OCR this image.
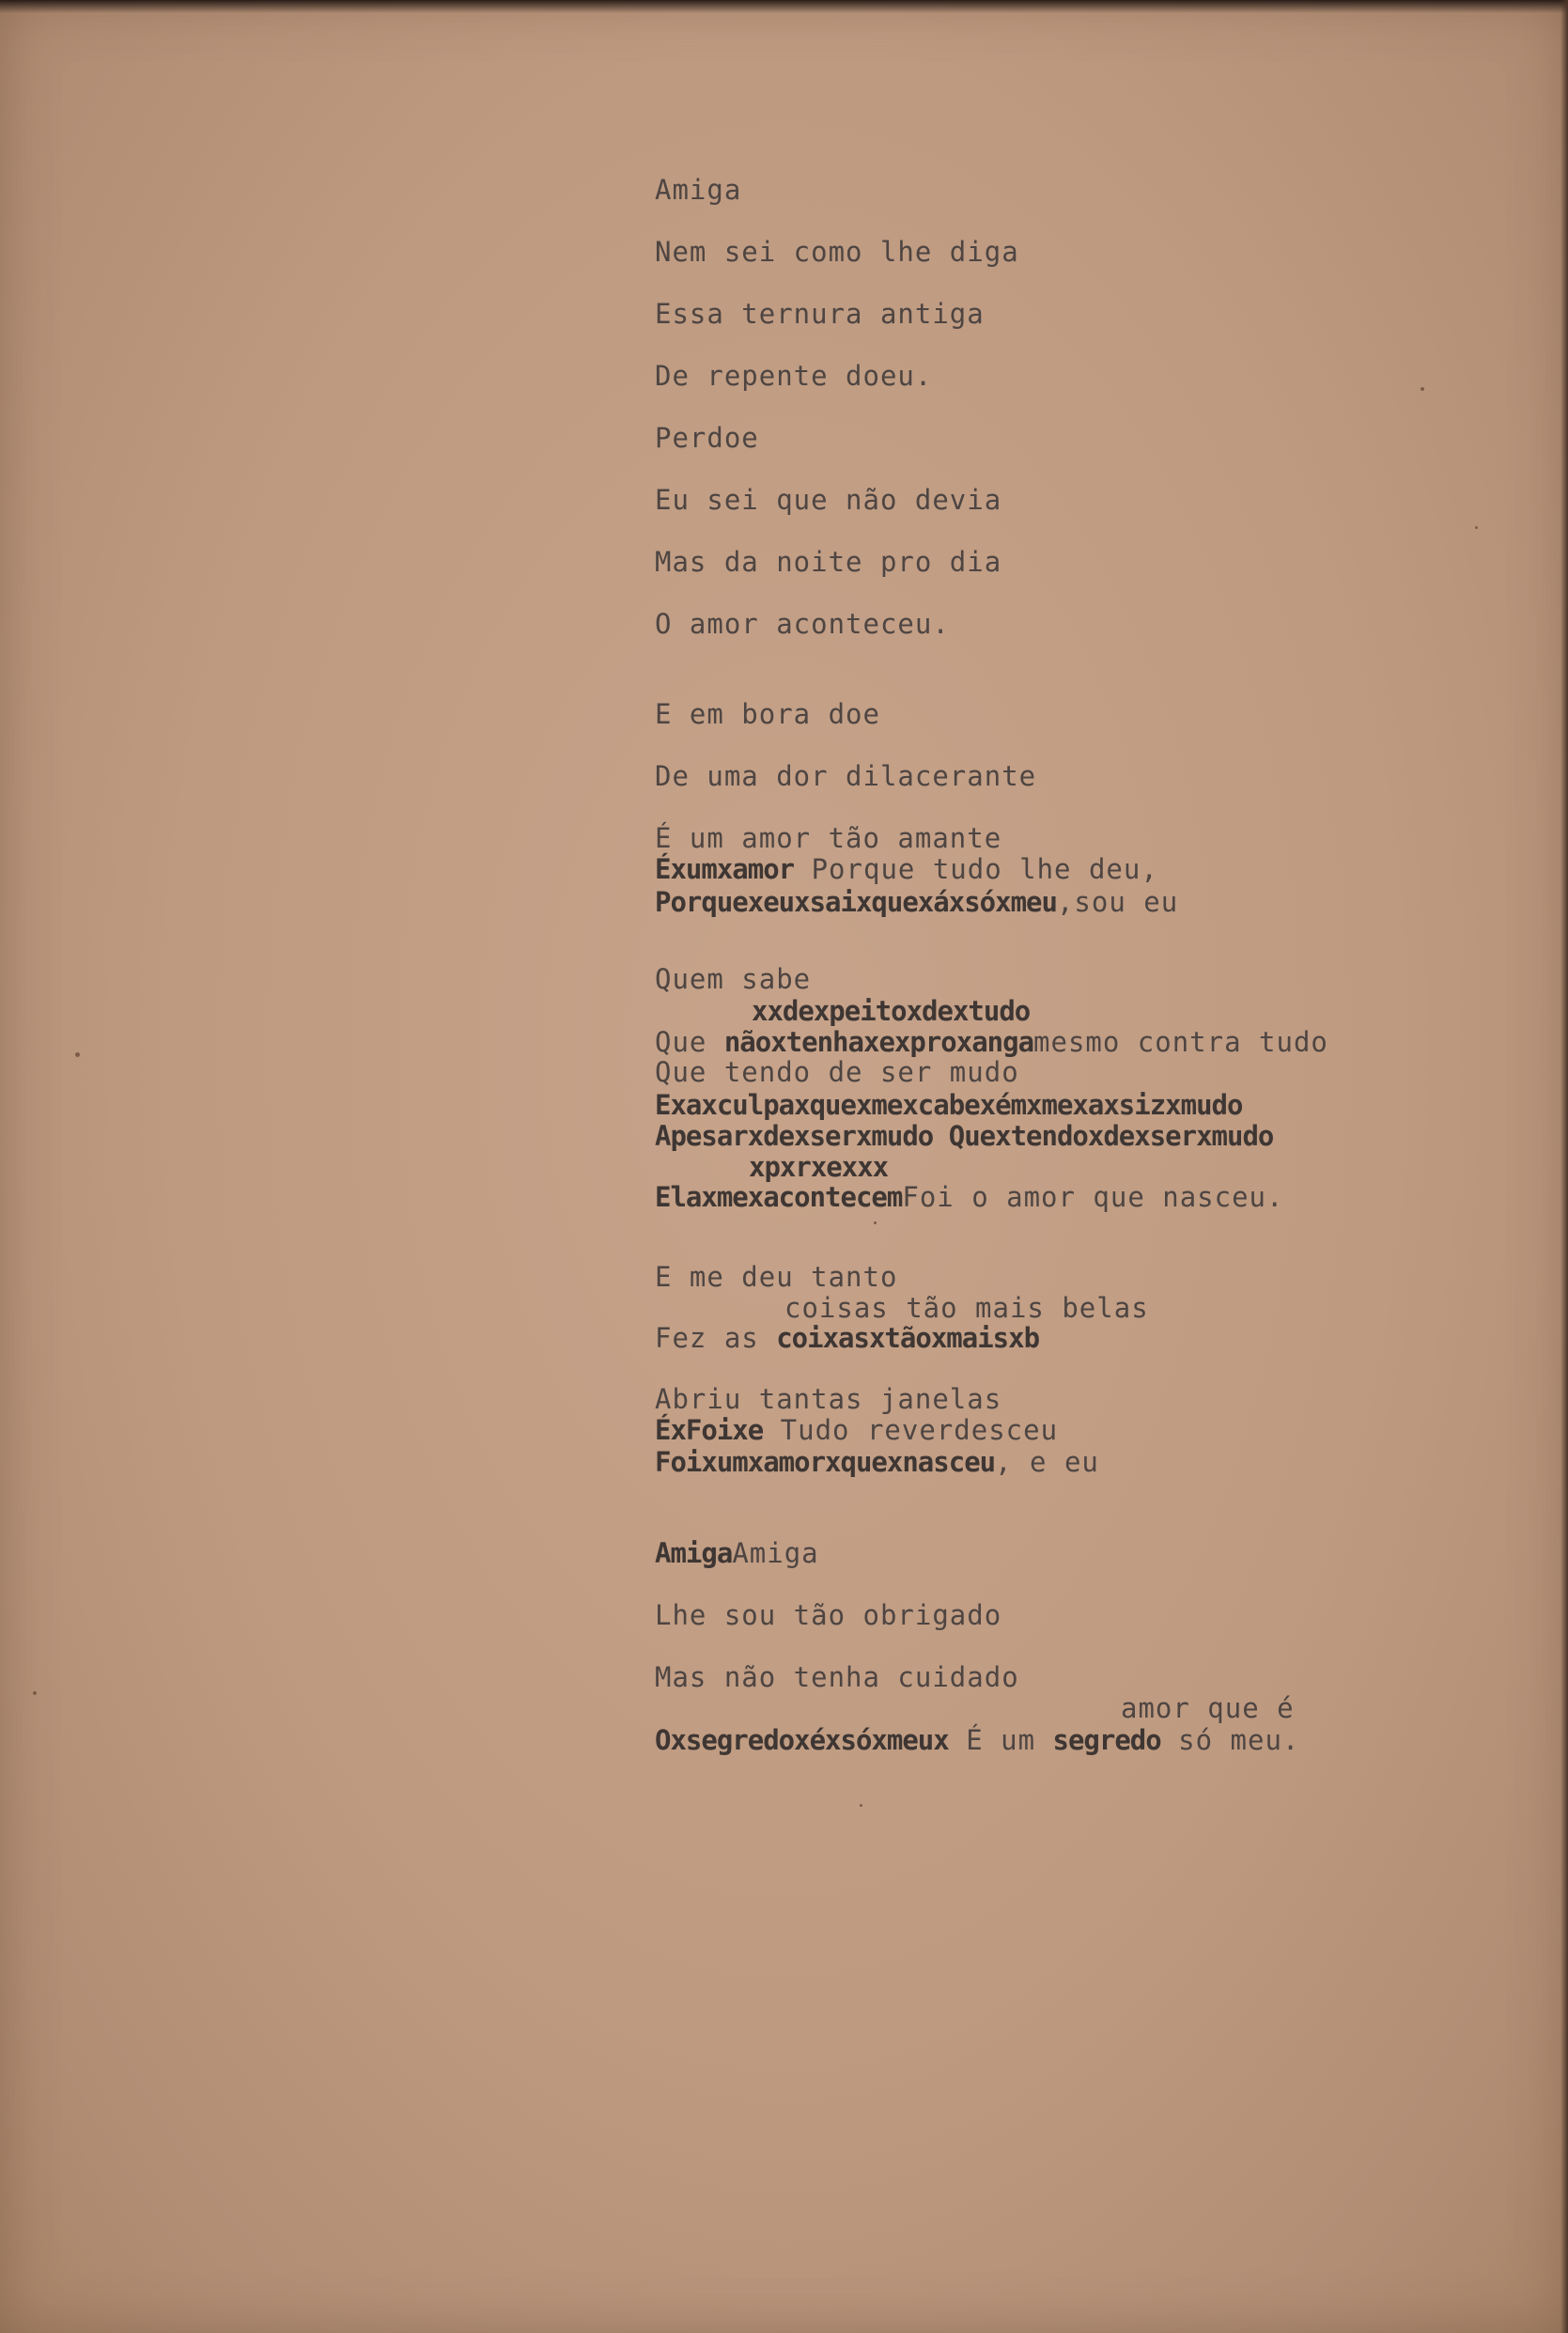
Amiga
Nem sei como lhe diga
Essa ternura antiga
De repente doeu.
Perdoe
Eu sei que não devia
Mas da noite pro dia
O amor aconteceu.
E em bora doe
De uma dor dilacerante
É um amor tão amante
Éxumxamor Porque tudo lhe deu,
Porquexeuxsaixquexáxsóxmeu,sou eu
Quem sabe
xxdexpeitoxdextudo
Que nãoxtenhaxexproxangamesmo contra tudo
Que tendo de ser mudo
Exaxculpaxquexmexcabexémxmexaxsizxmudo
Apesarxdexserxmudo Quextendoxdexserxmudo
xpxrxexxx
ElaxmexacontecemFoi o amor que nasceu.
E me deu tanto
coisas tão mais belas
Fez as coixasxtãoxmaisxb
Abriu tantas janelas
ÉxFoixe Tudo reverdesceu
Foixumxamorxquexnasceu, e eu
AmigaAmiga
Lhe sou tão obrigado
Mas não tenha cuidado
amor que é
Oxsegredoxéxsóxmeux É um segredo só meu.
